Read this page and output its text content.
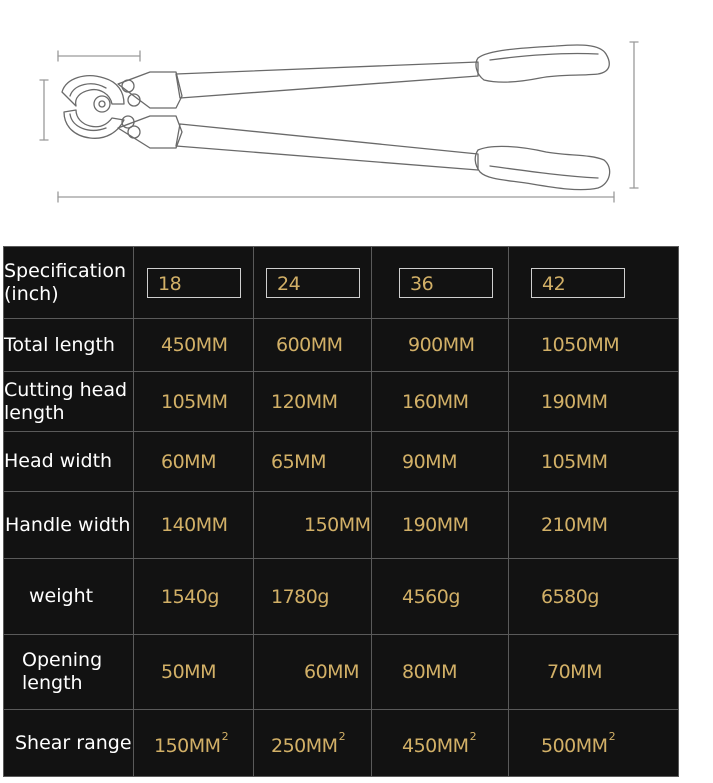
Specification
(inch)	18	24	36	42
Total length	450MM	600MM	900MM	1050MM
Cutting head length	105MM	120MM	160MM	190MM
Head width	60MM	65MM	90MM	105MM
Handle width	140MM	150MM	190MM	210MM
weight	1540g	1780g	4560g	6580g
Opening length	50MM	60MM	80MM	70MM
Shear range	$150MM^2$	$250MM^2$	$450MM^2$	$500MM^2$
